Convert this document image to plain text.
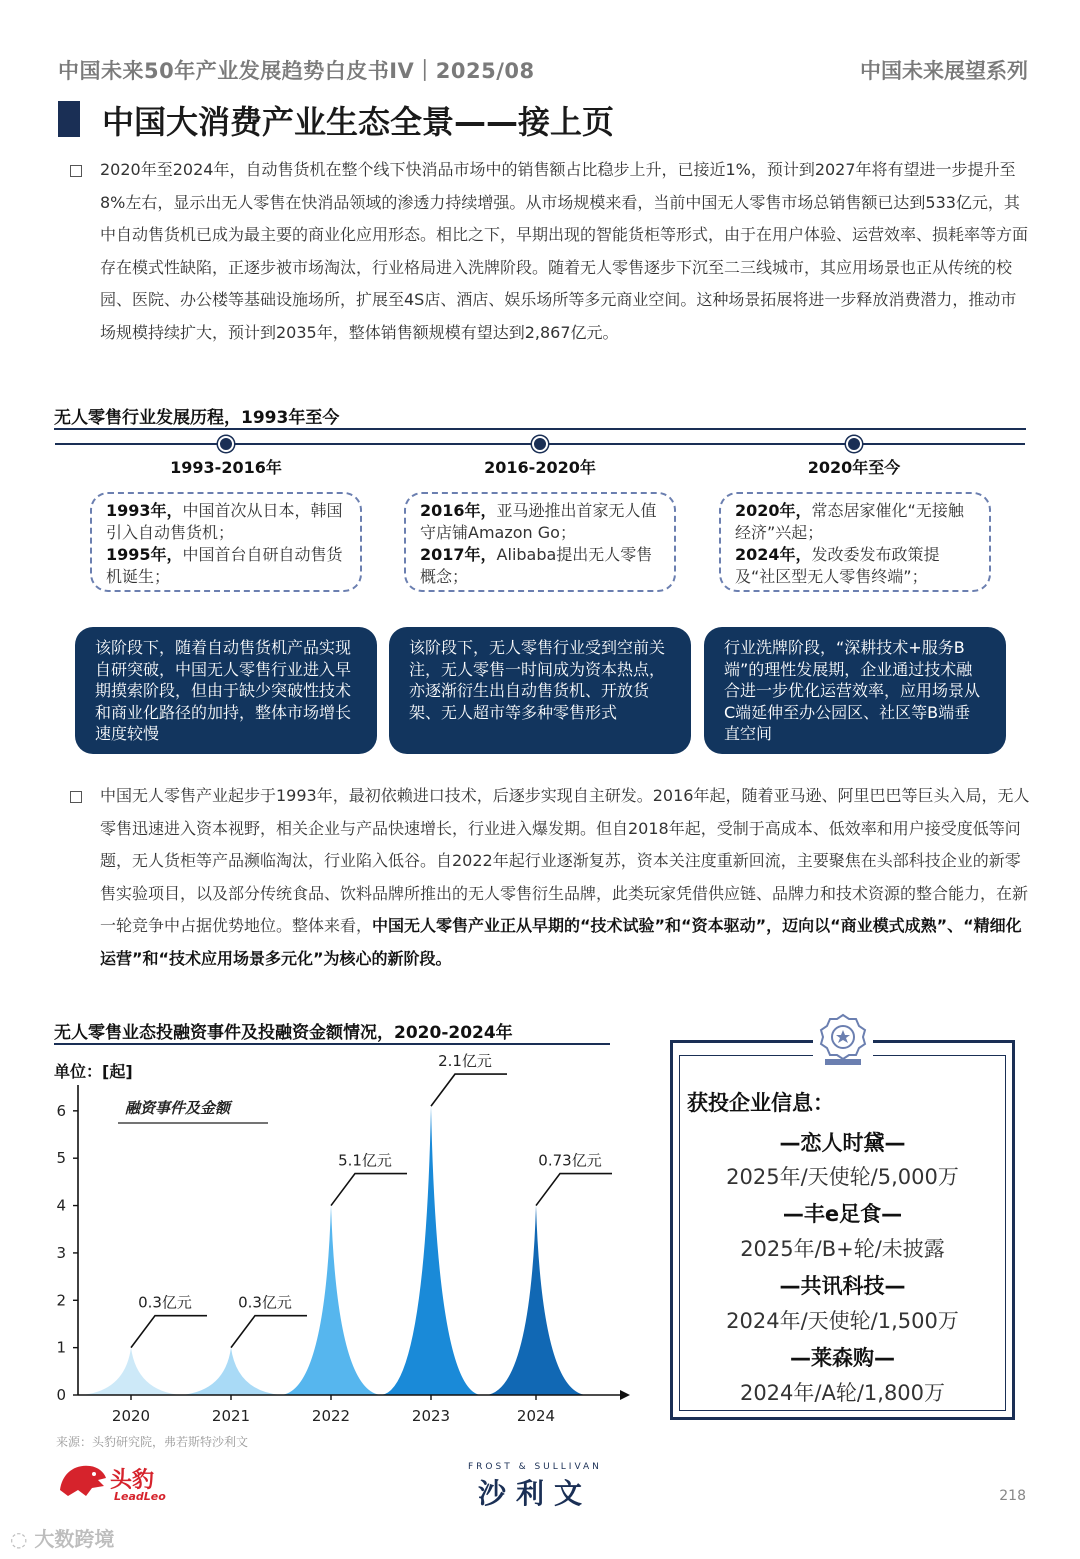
中国未来50年产业发展趋势白皮书IV｜2025/08	中国未来展望系列
中国大消费产业生态全景——接上页
2020年至2024年，自动售货机在整个线下快消品市场中的销售额占比稳步上升，已接近1%，预计到2027年将有望进一步提升至8%左右，显示出无人零售在快消品领域的渗透力持续增强。从市场规模来看，当前中国无人零售市场总销售额已达到533亿元，其中自动售货机已成为最主要的商业化应用形态。相比之下，早期出现的智能货柜等形式，由于在用户体验、运营效率、损耗率等方面存在模式性缺陷，正逐步被市场淘汰，行业格局进入洗牌阶段。随着无人零售逐步下沉至二三线城市，其应用场景也正从传统的校园、医院、办公楼等基础设施场所，扩展至4S店、酒店、娱乐场所等多元商业空间。这种场景拓展将进一步释放消费潜力，推动市场规模持续扩大，预计到2035年，整体销售额规模有望达到2,867亿元。
无人零售行业发展历程，1993年至今
1993-2016年	2016-2020年	2020年至今
1993年，中国首次从日本，韩国引入自动售货机；
1995年，中国首台自研自动售货机诞生；
2016年，亚马逊推出首家无人值守店铺Amazon Go；
2017年，Alibaba提出无人零售概念；
2020年，常态居家催化“无接触经济”兴起；
2024年，发改委发布政策提及“社区型无人零售终端”；
该阶段下，随着自动售货机产品实现自研突破，中国无人零售行业进入早期摸索阶段，但由于缺少突破性技术和商业化路径的加持，整体市场增长速度较慢
该阶段下，无人零售行业受到空前关注，无人零售一时间成为资本热点，亦逐渐衍生出自动售货机、开放货架、无人超市等多种零售形式
行业洗牌阶段，“深耕技术+服务B端”的理性发展期，企业通过技术融合进一步优化运营效率，应用场景从C端延伸至办公园区、社区等B端垂直空间
中国无人零售产业起步于1993年，最初依赖进口技术，后逐步实现自主研发。2016年起，随着亚马逊、阿里巴巴等巨头入局，无人零售迅速进入资本视野，相关企业与产品快速增长，行业进入爆发期。但自2018年起，受制于高成本、低效率和用户接受度低等问题，无人货柜等产品濒临淘汰，行业陷入低谷。自2022年起行业逐渐复苏，资本关注度重新回流，主要聚焦在头部科技企业的新零售实验项目，以及部分传统食品、饮料品牌所推出的无人零售衍生品牌，此类玩家凭借供应链、品牌力和技术资源的整合能力，在新一轮竞争中占据优势地位。整体来看，中国无人零售产业正从早期的“技术试验”和“资本驱动”，迈向以“商业模式成熟”、“精细化运营”和“技术应用场景多元化”为核心的新阶段。
无人零售业态投融资事件及投融资金额情况，2020-2024年
单位：[起]
融资事件及金额
2020	2021	2022	2023	2024
0
1
2
3
4
5
6
0.3亿元	0.3亿元
5.1亿元
2.1亿元
0.73亿元
来源：头豹研究院，弗若斯特沙利文
获投企业信息：
—恋人时黛—
2025年/天使轮/5,000万
—丰e足食—
2025年/B+轮/未披露
—共讯科技—
2024年/天使轮/1,500万
—莱森购—
2024年/A轮/1,800万
头豹
LeadLeo
FROST & SULLIVAN
沙利文	218
◌ 大数跨境
